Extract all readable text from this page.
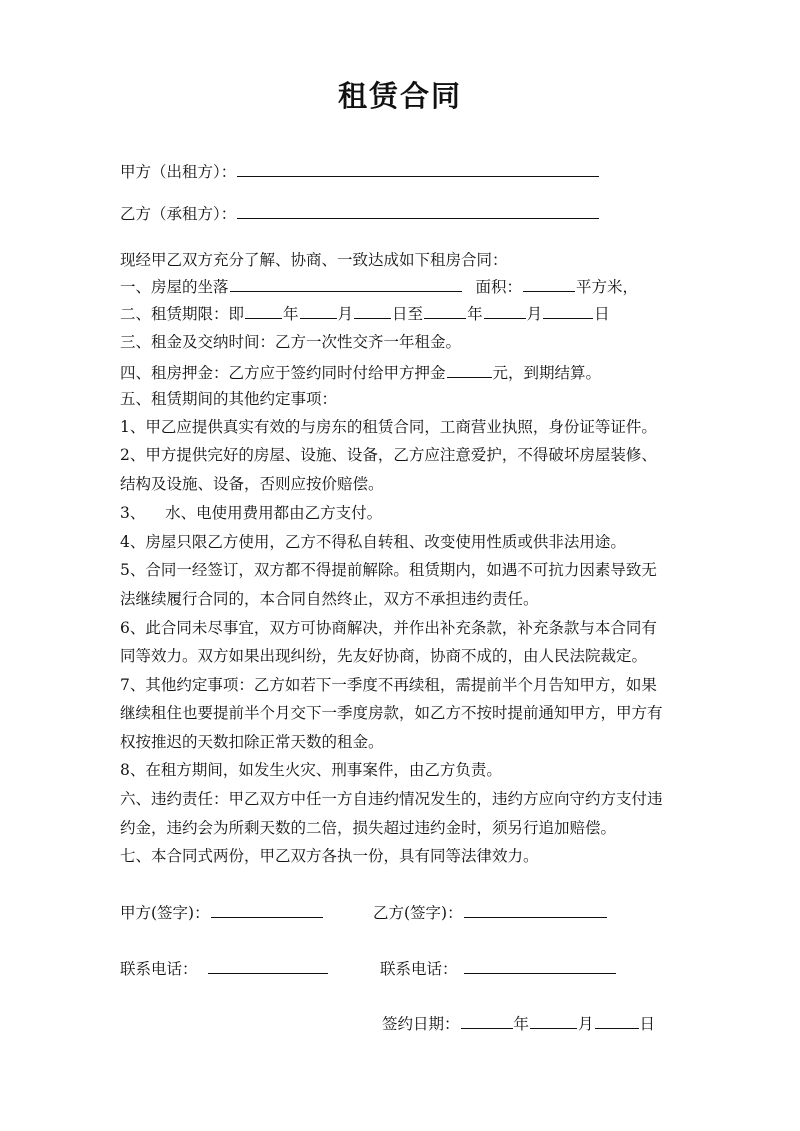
租赁合同
甲方（出租方）：
乙方（承租方）：
现经甲乙双方充分了解、协商、一致达成如下租房合同：
一、房屋的坐落	面积：	平方米，
二、租赁期限：即	年	月	日至	年	月	日
三、租金及交纳时间：乙方一次性交齐一年租金。
四、租房押金：乙方应于签约同时付给甲方押金	元，到期结算。
五、租赁期间的其他约定事项：
1、甲乙应提供真实有效的与房东的租赁合同，工商营业执照，身份证等证件。
2、甲方提供完好的房屋、设施、设备，乙方应注意爱护，不得破坏房屋装修、
结构及设施、设备，否则应按价赔偿。
3、    水、电使用费用都由乙方支付。
4、房屋只限乙方使用，乙方不得私自转租、改变使用性质或供非法用途。
5、合同一经签订，双方都不得提前解除。租赁期内，如遇不可抗力因素导致无
法继续履行合同的，本合同自然终止，双方不承担违约责任。
6、此合同未尽事宜，双方可协商解决，并作出补充条款，补充条款与本合同有
同等效力。双方如果出现纠纷，先友好协商，协商不成的，由人民法院裁定。
7、其他约定事项：乙方如若下一季度不再续租，需提前半个月告知甲方，如果
继续租住也要提前半个月交下一季度房款，如乙方不按时提前通知甲方，甲方有
权按推迟的天数扣除正常天数的租金。
8、在租方期间，如发生火灾、刑事案件，由乙方负责。
六、违约责任：甲乙双方中任一方自违约情况发生的，违约方应向守约方支付违
约金，违约会为所剩天数的二倍，损失超过违约金时，须另行追加赔偿。
七、本合同式两份，甲乙双方各执一份，具有同等法律效力。
甲方(签字)：	乙方(签字)：
联系电话：	联系电话：
签约日期：	年	月	日
